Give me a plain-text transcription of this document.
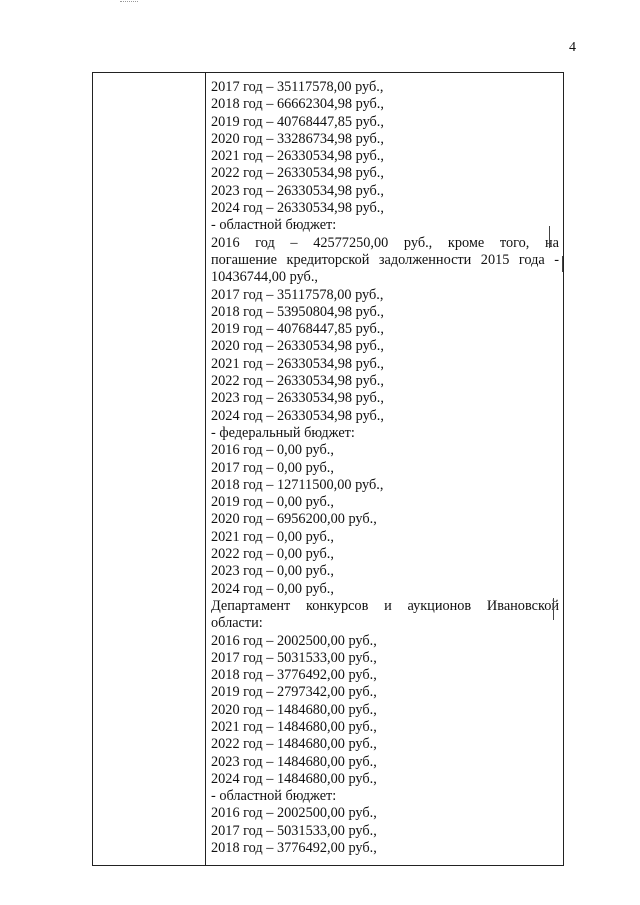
4

2017 год – 35117578,00 руб.,

2018 год – 66662304,98 руб.,

2019 год – 40768447,85 руб.,

2020 год – 33286734,98 руб.,

2021 год – 26330534,98 руб.,

2022 год – 26330534,98 руб.,

2023 год – 26330534,98 руб.,

2024 год – 26330534,98 руб.,

- областной бюджет:

2016 год – 42577250,00 руб., кроме того, на

погашение кредиторской задолженности 2015 года -

10436744,00 руб.,

2017 год – 35117578,00 руб.,

2018 год – 53950804,98 руб.,

2019 год – 40768447,85 руб.,

2020 год – 26330534,98 руб.,

2021 год – 26330534,98 руб.,

2022 год – 26330534,98 руб.,

2023 год – 26330534,98 руб.,

2024 год – 26330534,98 руб.,

- федеральный бюджет:

2016 год – 0,00 руб.,

2017 год – 0,00 руб.,

2018 год – 12711500,00 руб.,

2019 год – 0,00 руб.,

2020 год – 6956200,00 руб.,

2021 год – 0,00 руб.,

2022 год – 0,00 руб.,

2023 год – 0,00 руб.,

2024 год – 0,00 руб.,

Департамент конкурсов и аукционов Ивановской

области:

2016 год – 2002500,00 руб.,

2017 год – 5031533,00 руб.,

2018 год – 3776492,00 руб.,

2019 год – 2797342,00 руб.,

2020 год – 1484680,00 руб.,

2021 год – 1484680,00 руб.,

2022 год – 1484680,00 руб.,

2023 год – 1484680,00 руб.,

2024 год – 1484680,00 руб.,

- областной бюджет:

2016 год – 2002500,00 руб.,

2017 год – 5031533,00 руб.,

2018 год – 3776492,00 руб.,
